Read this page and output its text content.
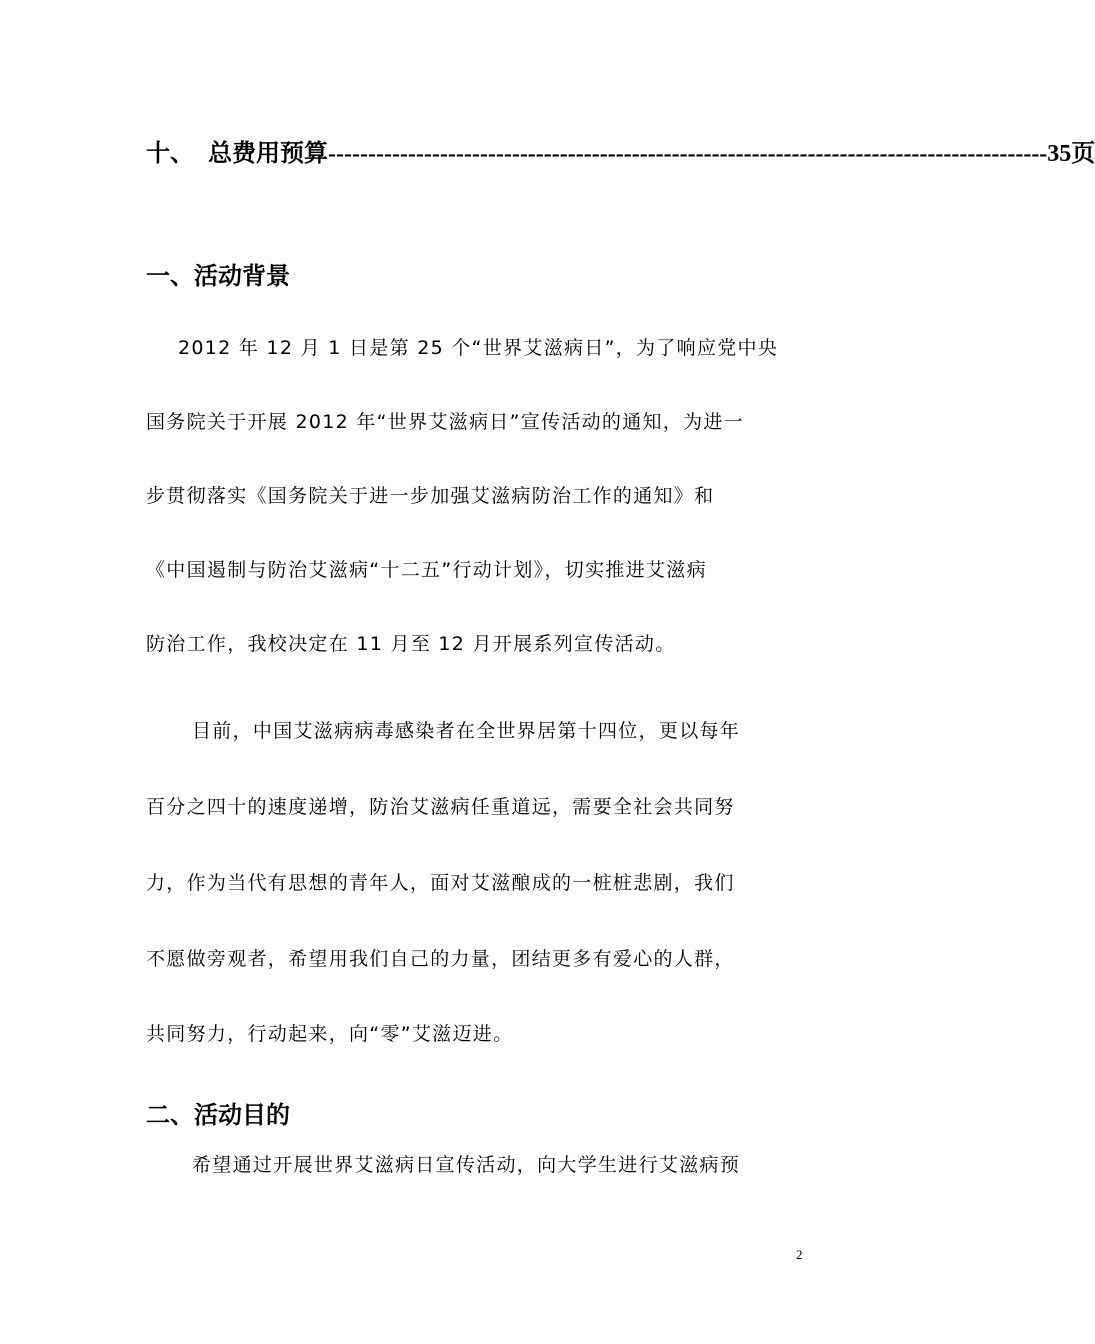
十、 总费用预算 ------------------------------------------------------------------------------------------ 35页
一、活动背景
2012 年 12 月 1 日是第 25 个“世界艾滋病日”，为了响应党中央
国务院关于开展 2012 年“世界艾滋病日”宣传活动的通知，为进一
步贯彻落实《国务院关于进一步加强艾滋病防治工作的通知》和
《中国遏制与防治艾滋病“十二五”行动计划》，切实推进艾滋病
防治工作，我校决定在 11 月至 12 月开展系列宣传活动。
目前，中国艾滋病病毒感染者在全世界居第十四位，更以每年
百分之四十的速度递增，防治艾滋病任重道远，需要全社会共同努
力，作为当代有思想的青年人，面对艾滋酿成的一桩桩悲剧，我们
不愿做旁观者，希望用我们自己的力量，团结更多有爱心的人群，
共同努力，行动起来，向“零”艾滋迈进。
二、活动目的
希望通过开展世界艾滋病日宣传活动，向大学生进行艾滋病预
2
